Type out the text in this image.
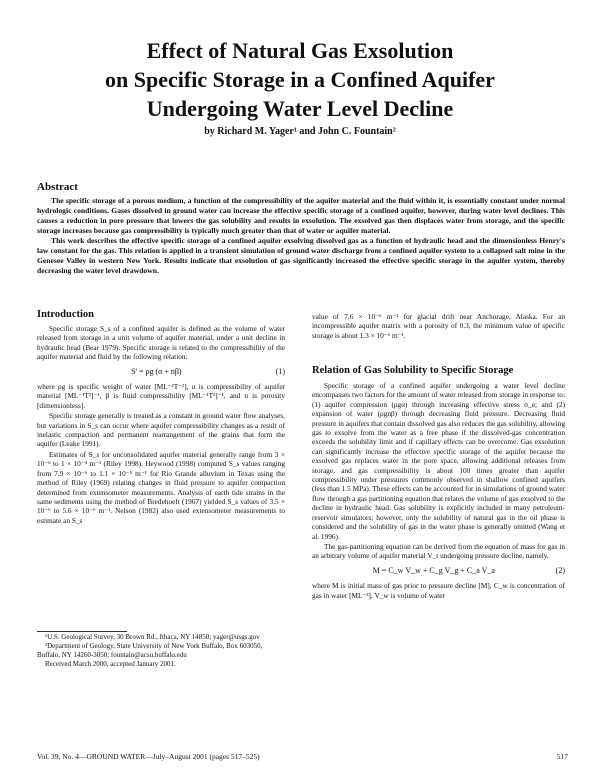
Effect of Natural Gas Exsolution
on Specific Storage in a Confined Aquifer
Undergoing Water Level Decline
by Richard M. Yager¹ and John C. Fountain²
Abstract

The specific storage of a porous medium, a function of the compressibility of the aquifer material and the fluid within it, is essentially constant under normal hydrologic conditions. Gases dissolved in ground water can increase the effective specific storage of a confined aquifer, however, during water level declines. This causes a reduction in pore pressure that lowers the gas solubility and results in exsolution. The exsolved gas then displaces water from storage, and the specific storage increases because gas compressibility is typically much greater than that of water or aquifer material.

This work describes the effective specific storage of a confined aquifer exsolving dissolved gas as a function of hydraulic head and the dimensionless Henry's law constant for the gas. This relation is applied in a transient simulation of ground water discharge from a confined aquifer system to a collapsed salt mine in the Genesee Valley in western New York. Results indicate that exsolution of gas significantly increased the effective specific storage in the aquifer system, thereby decreasing the water level drawdown.

Introduction

Specific storage S_s of a confined aquifer is defined as the volume of water released from storage in a unit volume of aquifer material, under a unit decline in hydraulic head (Bear 1979). Specific storage is related to the compressibility of the aquifer material and fluid by the following relation:

S' = ρg (α + nβ)	(1)

where ρg is specific weight of water [ML⁻²T⁻²], α is compressibility of aquifer material [ML⁻¹T²]⁻¹, β is fluid compressibility [ML⁻¹T²]⁻¹, and n is porosity [dimensionless].

Specific storage generally is treated as a constant in ground water flow analyses, but variations in S_s can occur where aquifer compressibility changes as a result of inelastic compaction and permanent rearrangement of the grains that form the aquifer (Leake 1991).

Estimates of S_s for unconsolidated aquifer material generally range from 3 × 10⁻⁶ to 1 × 10⁻⁴ m⁻¹ (Riley 1998). Heywood (1998) computed S_s values ranging from 7.9 × 10⁻⁶ to 1.1 × 10⁻⁵ m⁻¹ for Rio Grande alluvium in Texas using the method of Riley (1969) relating changes in fluid pressure to aquifer compaction determined from extensometer measurements. Analysis of earth tide strains in the same sediments using the method of Bredehoeft (1967) yielded S_s values of 3.5 × 10⁻⁶ to 5.6 × 10⁻⁶ m⁻¹. Nelson (1982) also used extensometer measurements to estimate an S_s

value of 7.6 × 10⁻⁶ m⁻¹ for glacial drift near Anchorage, Alaska. For an incompressible aquifer matrix with a porosity of 0.3, the minimum value of specific storage is about 1.3 × 10⁻⁶ m⁻¹.

Relation of Gas Solubility to Specific Storage

Specific storage of a confined aquifer undergoing a water level decline encompasses two factors for the amount of water released from storage in response to: (1) aquifer compression (ρgα) through increasing effective stress σ_e; and (2) expansion of water (ρgnβ) through decreasing fluid pressure. Decreasing fluid pressure in aquifers that contain dissolved gas also reduces the gas solubility, allowing gas to exsolve from the water as a free phase if the dissolved-gas concentration exceeds the solubility limit and if capillary effects can be overcome. Gas exsolution can significantly increase the effective specific storage of the aquifer because the exsolved gas replaces water in the pore space, allowing additional releases from storage, and gas compressibility is about 100 times greater than aquifer compressibility under pressures commonly observed in shallow confined aquifers (less than 1.5 MPa). These effects can be accounted for in simulations of ground water flow through a gas partitioning equation that relates the volume of gas exsolved to the decline in hydraulic head. Gas solubility is explicitly included in many petroleum-reservoir simulators; however, only the solubility of natural gas in the oil phase is considered and the solubility of gas in the water phase is generally omitted (Wang et al. 1996).

The gas-partitioning equation can be derived from the equation of mass for gas in an arbitrary volume of aquifer material V_t undergoing pressure decline, namely,

M = C_w V_w + C_g V_g + C_a V_a	(2)

where M is initial mass of gas prior to pressure decline [M], C_w is concentration of gas in water [ML⁻³], V_w is volume of water

¹U.S. Geological Survey, 30 Brown Rd., Ithaca, NY 14850; yager@usgs.gov

²Department of Geology, State University of New York Buffalo, Box 603050, Buffalo, NY 14260-3050; fountain@acsu.buffalo.edu

Received March 2000, accepted January 2001.

Vol. 39, No. 4—GROUND WATER—July–August 2001 (pages 517–525)	517
